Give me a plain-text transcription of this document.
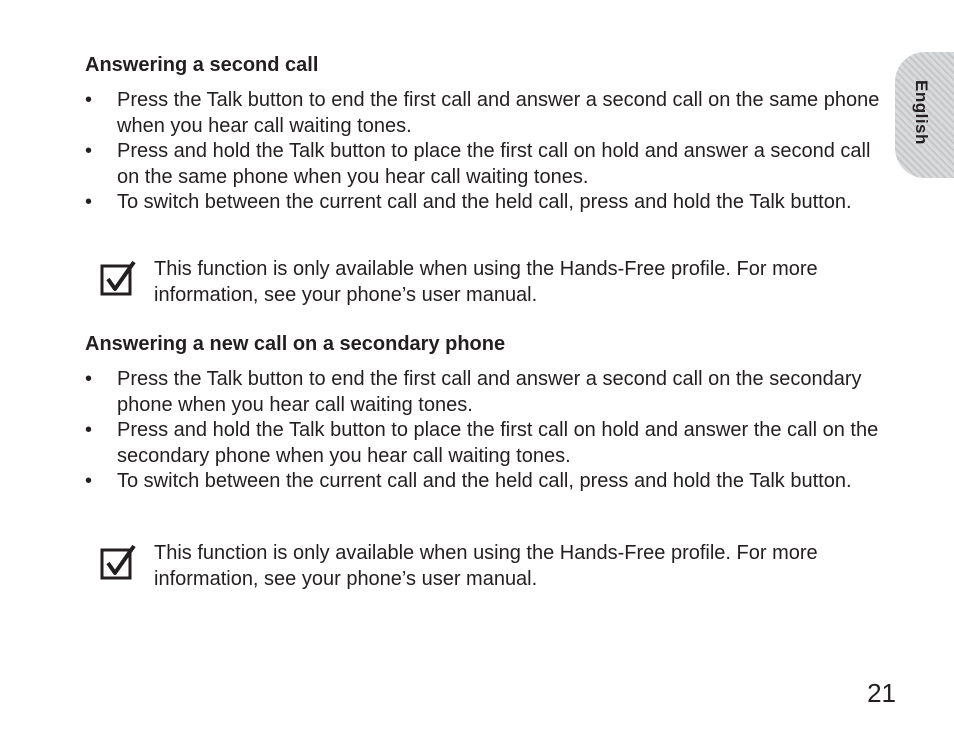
English
Answering a second call
• Press the Talk button to end the first call and answer a second call on the same phone when you hear call waiting tones.
• Press and hold the Talk button to place the first call on hold and answer a second call on the same phone when you hear call waiting tones.
• To switch between the current call and the held call, press and hold the Talk button.
This function is only available when using the Hands-Free profile. For more information, see your phone’s user manual.
Answering a new call on a secondary phone
• Press the Talk button to end the first call and answer a second call on the secondary phone when you hear call waiting tones.
• Press and hold the Talk button to place the first call on hold and answer the call on the secondary phone when you hear call waiting tones.
• To switch between the current call and the held call, press and hold the Talk button.
This function is only available when using the Hands-Free profile. For more information, see your phone’s user manual.
21
